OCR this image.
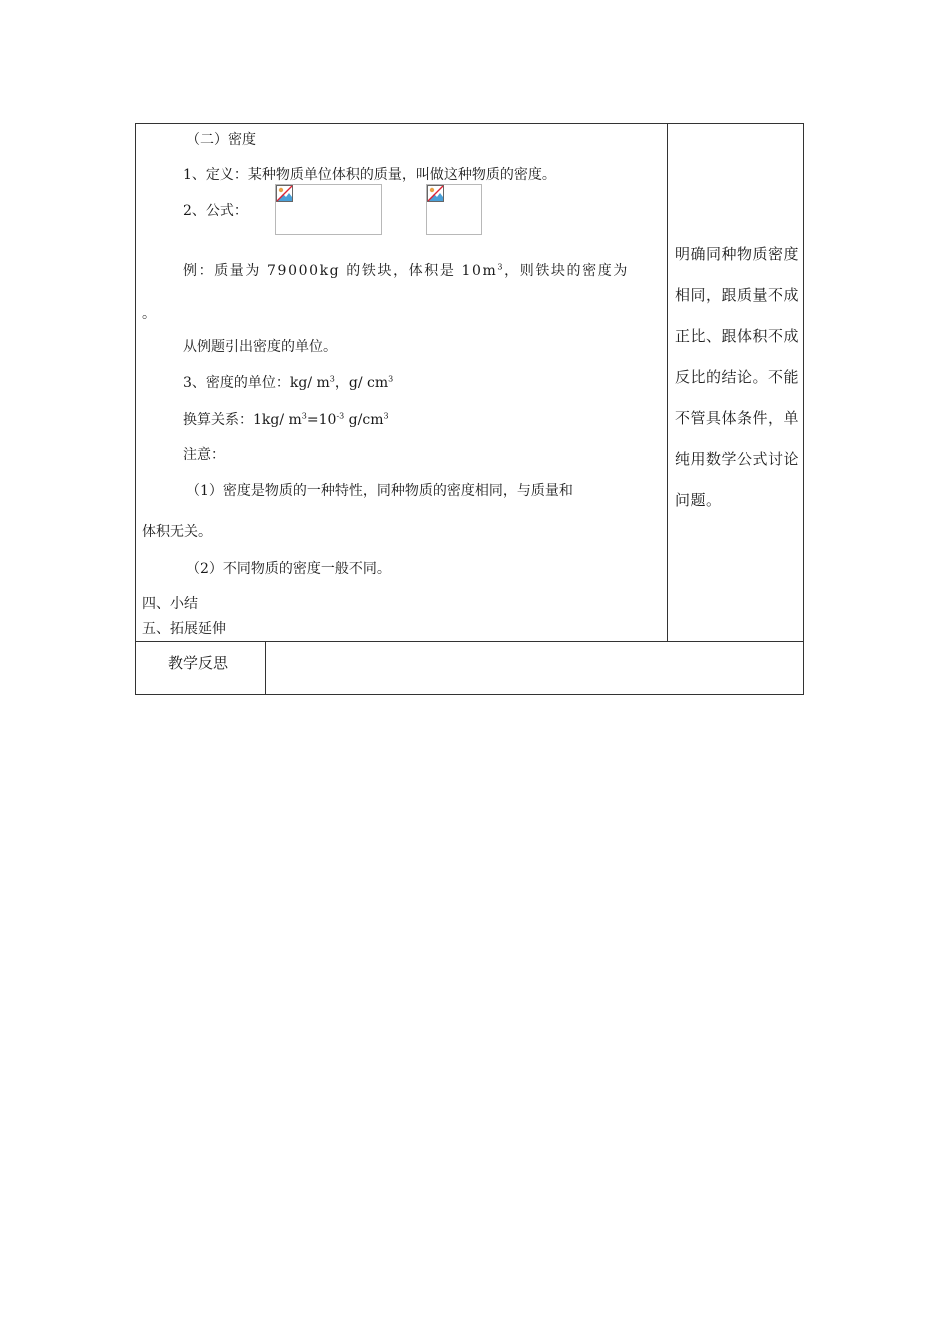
（二）密度
1、定义：某种物质单位体积的质量，叫做这种物质的密度。
2、公式：
例：质量为 79000kg 的铁块，体积是 $10m^3$，则铁块的密度为
。
从例题引出密度的单位。
3、密度的单位：kg/ $m^3$，g/ $cm^3$
换算关系：1kg/ $m^3=10^{-3}$ $g/cm^3$
注意：
（1）密度是物质的一种特性，同种物质的密度相同，与质量和
体积无关。
（2）不同物质的密度一般不同。
四、小结
五、拓展延伸
明确同种物质密度相同，跟质量不成正比、跟体积不成反比的结论。不能不管具体条件，单纯用数学公式讨论问题。
教学反思
